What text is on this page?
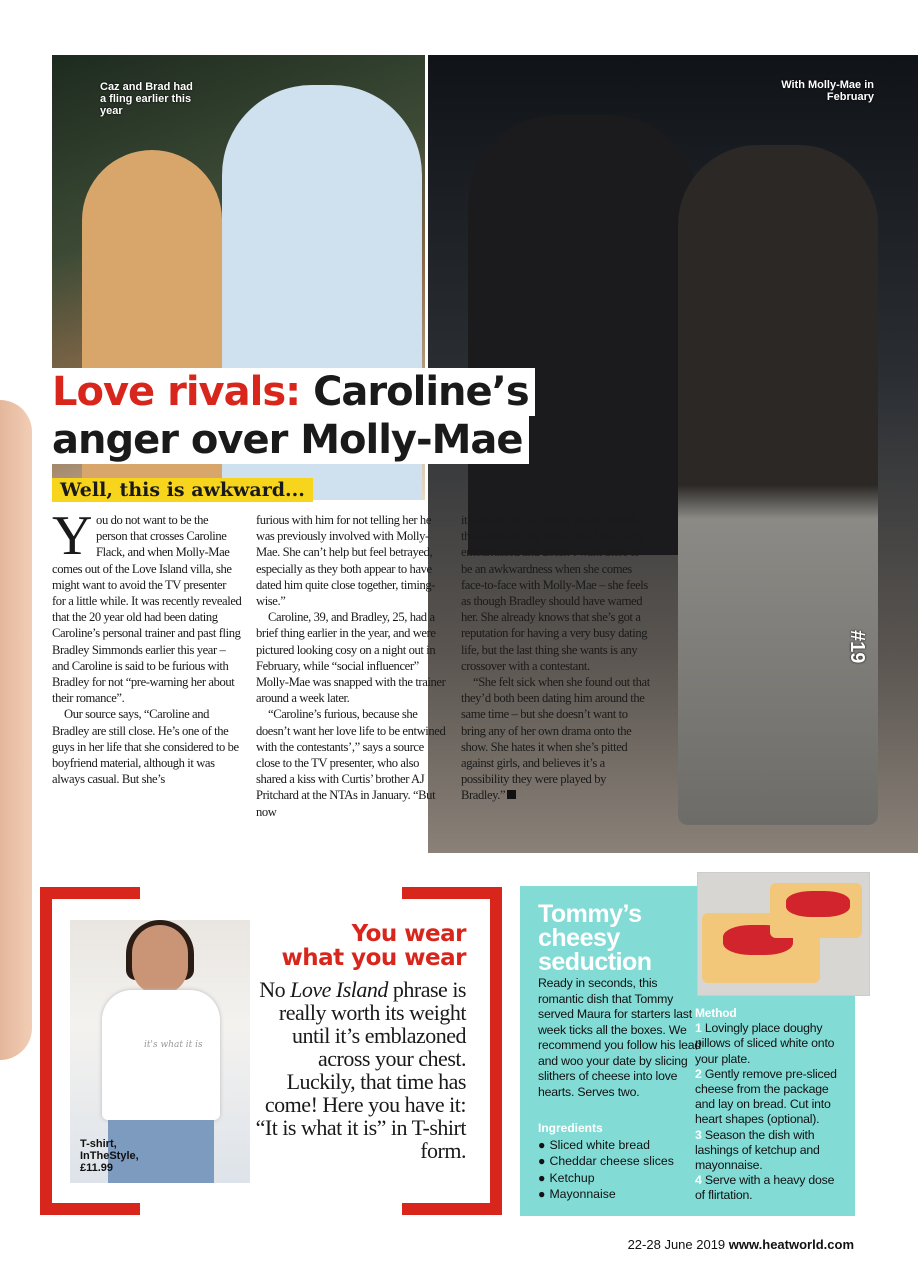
Caz and Brad had a fling earlier this year
With Molly-Mae in February
#19
Love rivals: Caroline’s
anger over Molly-Mae
Well, this is awkward...

You do not want to be the person that crosses Caroline Flack, and when Molly-Mae comes out of the Love Island villa, she might want to avoid the TV presenter for a little while. It was recently revealed that the 20 year old had been dating Caroline’s personal trainer and past fling Bradley Simmonds earlier this year – and Caroline is said to be furious with Bradley for not “pre-warning her about their romance”.

Our source says, “Caroline and Bradley are still close. He’s one of the guys in her life that she considered to be boyfriend material, although it was always casual. But she’s

furious with him for not telling her he was previously involved with Molly-Mae. She can’t help but feel betrayed, especially as they both appear to have dated him quite close together, timing-wise.”

Caroline, 39, and Bradley, 25, had a brief thing earlier in the year, and were pictured looking cosy on a night out in February, while “social influencer” Molly-Mae was snapped with the trainer around a week later.

“Caroline’s furious, because she doesn’t want her love life to be entwined with the contestants’,” says a source close to the TV presenter, who also shared a kiss with Curtis’ brother AJ Pritchard at the NTAs in January. “But now

it’s all anyone is talking about behind-the-scenes on the show. She feels really embarrassed and doesn’t want there to be an awkwardness when she comes face-to-face with Molly-Mae – she feels as though Bradley should have warned her. She already knows that she’s got a reputation for having a very busy dating life, but the last thing she wants is any crossover with a contestant.

“She felt sick when she found out that they’d both been dating him around the same time – but she doesn’t want to bring any of her own drama onto the show. She hates it when she’s pitted against girls, and believes it’s a possibility they were played by Bradley.”

it's what it is
T-shirt,
InTheStyle,
£11.99
You wear
what you wear
No Love Island phrase is really worth its weight until it’s emblazoned across your chest. Luckily, that time has come! Here you have it: “It is what it is” in T-shirt form.
Tommy’s cheesy seduction
Ready in seconds, this romantic dish that Tommy served Maura for starters last week ticks all the boxes. We recommend you follow his lead and woo your date by slicing slithers of cheese into love hearts. Serves two.
Ingredients
● Sliced white bread
● Cheddar cheese slices
● Ketchup
● Mayonnaise
Method

1 Lovingly place doughy pillows of sliced white onto your plate.

2 Gently remove pre-sliced cheese from the package and lay on bread. Cut into heart shapes (optional).

3 Season the dish with lashings of ketchup and mayonnaise.

4 Serve with a heavy dose of flirtation.

22-28 June 2019 www.heatworld.com
